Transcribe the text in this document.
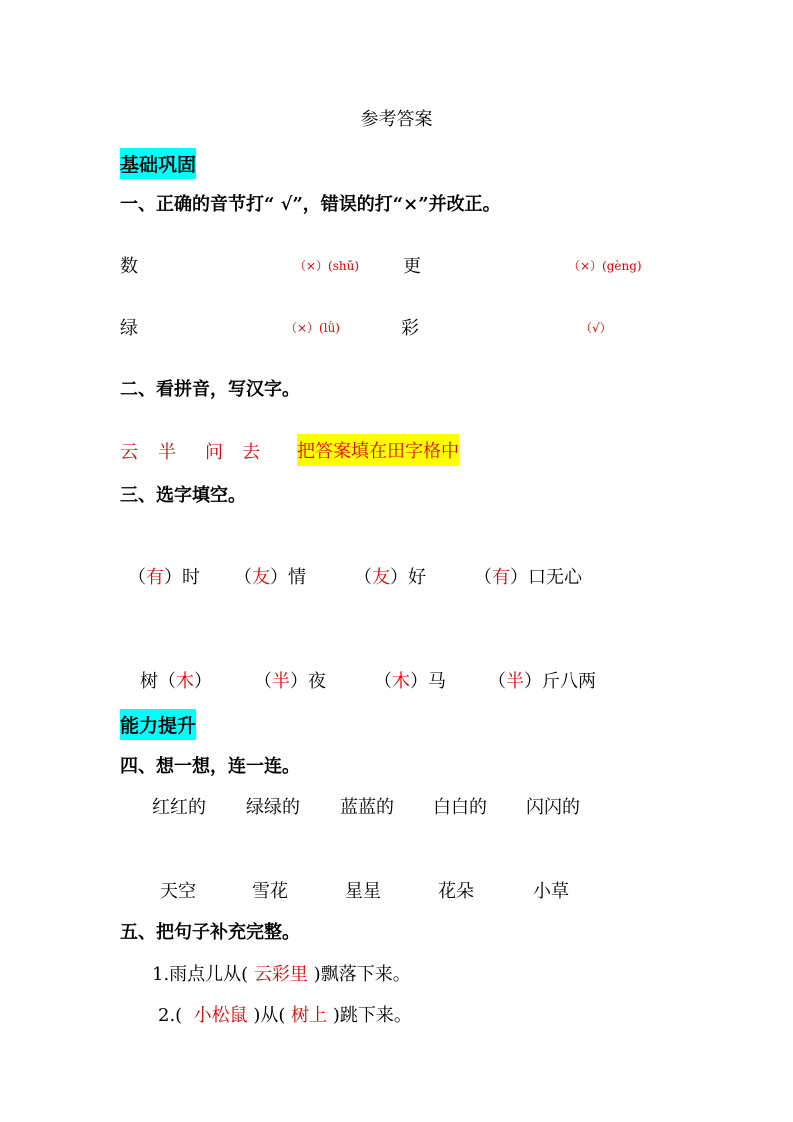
参考答案
基础巩固
一、正确的音节打“ √”，错误的打“×”并改正。
数	（×）(shǔ) 更	（×）(gèng)
绿	（×）(lǜ)	彩	（√）
二、看拼音，写汉字。
云 半 问 去 把答案填在田字格中
三、选字填空。
（有）时 （友）情	（友）好	（有）口无心
树（木） （半）夜	（木）马 （半）斤八两
能力提升
四、想一想，连一连。
红红的 绿绿的 蓝蓝的 白白的 闪闪的
天空	雪花	星星	花朵	小草
五、把句子补充完整。
1.雨点儿从( 云彩里 )飘落下来。
2.( 小松鼠 )从( 树上 )跳下来。
